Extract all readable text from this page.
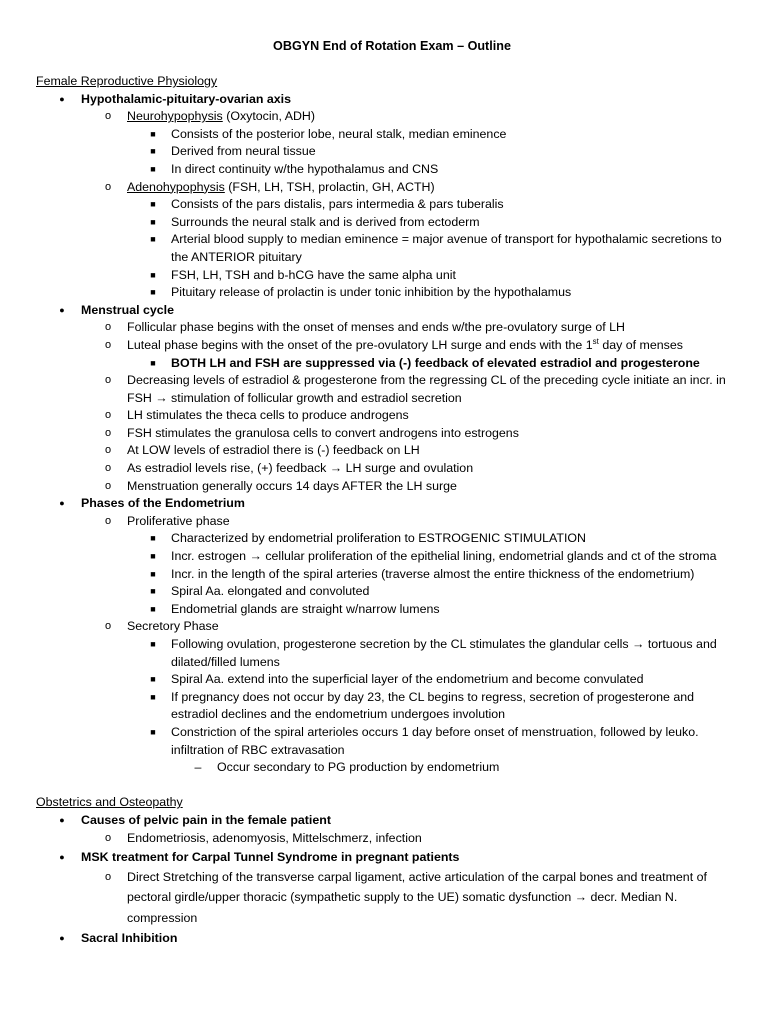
OBGYN End of Rotation Exam – Outline
Female Reproductive Physiology
● Hypothalamic-pituitary-ovarian axis
o Neurohypophysis (Oxytocin, ADH)
■ Consists of the posterior lobe, neural stalk, median eminence
■ Derived from neural tissue
■ In direct continuity w/the hypothalamus and CNS
o Adenohypophysis (FSH, LH, TSH, prolactin, GH, ACTH)
■ Consists of the pars distalis, pars intermedia & pars tuberalis
■ Surrounds the neural stalk and is derived from ectoderm
■ Arterial blood supply to median eminence = major avenue of transport for hypothalamic secretions to the ANTERIOR pituitary
■ FSH, LH, TSH and b-hCG have the same alpha unit
■ Pituitary release of prolactin is under tonic inhibition by the hypothalamus
● Menstrual cycle
o Follicular phase begins with the onset of menses and ends w/the pre-ovulatory surge of LH
o Luteal phase begins with the onset of the pre-ovulatory LH surge and ends with the 1st day of menses
■ BOTH LH and FSH are suppressed via (-) feedback of elevated estradiol and progesterone
o Decreasing levels of estradiol & progesterone from the regressing CL of the preceding cycle initiate an incr. in FSH → stimulation of follicular growth and estradiol secretion
o LH stimulates the theca cells to produce androgens
o FSH stimulates the granulosa cells to convert androgens into estrogens
o At LOW levels of estradiol there is (-) feedback on LH
o As estradiol levels rise, (+) feedback → LH surge and ovulation
o Menstruation generally occurs 14 days AFTER the LH surge
● Phases of the Endometrium
o Proliferative phase
■ Characterized by endometrial proliferation to ESTROGENIC STIMULATION
■ Incr. estrogen → cellular proliferation of the epithelial lining, endometrial glands and ct of the stroma
■ Incr. in the length of the spiral arteries (traverse almost the entire thickness of the endometrium)
■ Spiral Aa. elongated and convoluted
■ Endometrial glands are straight w/narrow lumens
o Secretory Phase
■ Following ovulation, progesterone secretion by the CL stimulates the glandular cells → tortuous and dilated/filled lumens
■ Spiral Aa. extend into the superficial layer of the endometrium and become convulated
■ If pregnancy does not occur by day 23, the CL begins to regress, secretion of progesterone and estradiol declines and the endometrium undergoes involution
■ Constriction of the spiral arterioles occurs 1 day before onset of menstruation, followed by leuko. infiltration of RBC extravasation
–	Occur secondary to PG production by endometrium
Obstetrics and Osteopathy
● Causes of pelvic pain in the female patient
o Endometriosis, adenomyosis, Mittelschmerz, infection
● MSK treatment for Carpal Tunnel Syndrome in pregnant patients
o Direct Stretching of the transverse carpal ligament, active articulation of the carpal bones and treatment of pectoral girdle/upper thoracic (sympathetic supply to the UE) somatic dysfunction → decr. Median N. compression
● Sacral Inhibition
